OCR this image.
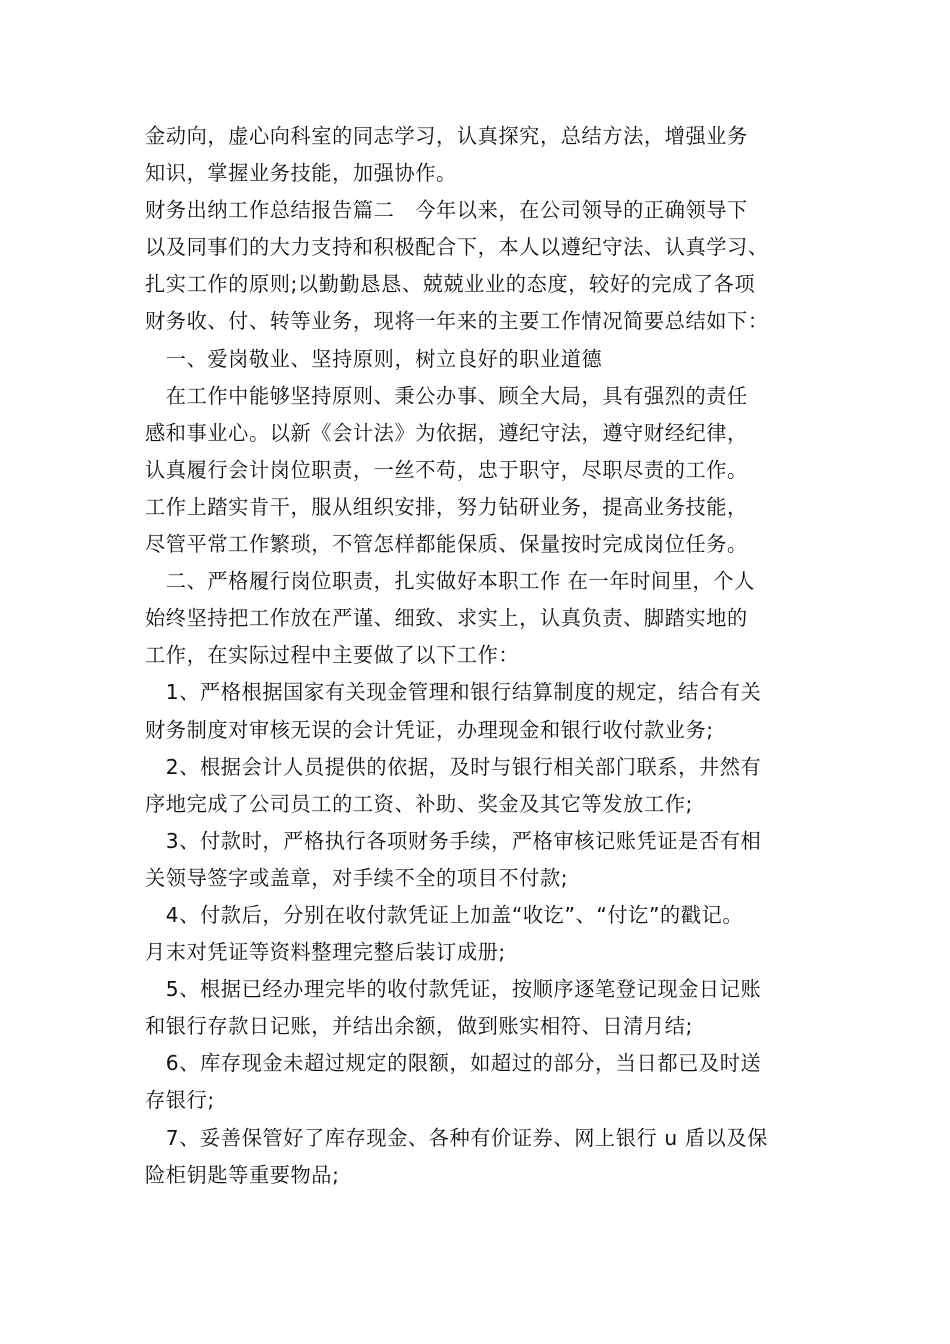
金动向，虚心向科室的同志学习，认真探究，总结方法，增强业务
知识，掌握业务技能，加强协作。
财务出纳工作总结报告篇二　今年以来，在公司领导的正确领导下
以及同事们的大力支持和积极配合下，本人以遵纪守法、认真学习、
扎实工作的原则;以勤勤恳恳、兢兢业业的态度，较好的完成了各项
财务收、付、转等业务，现将一年来的主要工作情况简要总结如下：
　一、爱岗敬业、坚持原则，树立良好的职业道德
　在工作中能够坚持原则、秉公办事、顾全大局，具有强烈的责任
感和事业心。以新《会计法》为依据，遵纪守法，遵守财经纪律，
认真履行会计岗位职责，一丝不苟，忠于职守，尽职尽责的工作。
工作上踏实肯干，服从组织安排，努力钻研业务，提高业务技能，
尽管平常工作繁琐，不管怎样都能保质、保量按时完成岗位任务。
　二、严格履行岗位职责，扎实做好本职工作 在一年时间里，个人
始终坚持把工作放在严谨、细致、求实上，认真负责、脚踏实地的
工作，在实际过程中主要做了以下工作：
　1、严格根据国家有关现金管理和银行结算制度的规定，结合有关
财务制度对审核无误的会计凭证，办理现金和银行收付款业务;
　2、根据会计人员提供的依据，及时与银行相关部门联系，井然有
序地完成了公司员工的工资、补助、奖金及其它等发放工作;
　3、付款时，严格执行各项财务手续，严格审核记账凭证是否有相
关领导签字或盖章，对手续不全的项目不付款;
　4、付款后，分别在收付款凭证上加盖“收讫”、“付讫”的戳记。
月末对凭证等资料整理完整后装订成册;
　5、根据已经办理完毕的收付款凭证，按顺序逐笔登记现金日记账
和银行存款日记账，并结出余额，做到账实相符、日清月结;
　6、库存现金未超过规定的限额，如超过的部分，当日都已及时送
存银行;
　7、妥善保管好了库存现金、各种有价证券、网上银行 u 盾以及保
险柜钥匙等重要物品;
